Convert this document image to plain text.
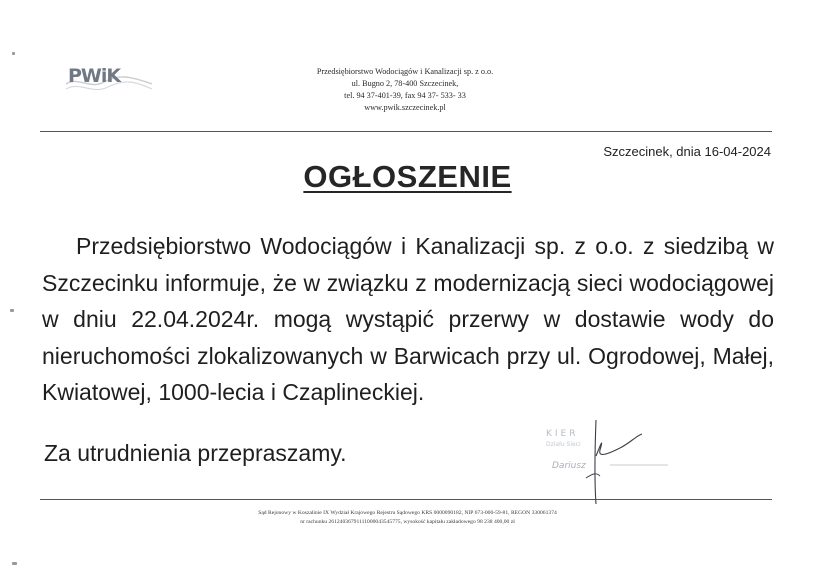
PWiK	Przedsiębiorstwo Wodociągów i Kanalizacji sp. z o.o.
ul. Bugno 2, 78-400 Szczecinek,
tel. 94 37-401-39, fax 94 37- 533- 33
www.pwik.szczecinek.pl
Szczecinek, dnia 16-04-2024
OGŁOSZENIE

Przedsiębiorstwo Wodociągów i Kanalizacji sp. z o.o. z siedzibą w Szczecinku informuje, że w związku z modernizacją sieci wodociągowej w dniu 22.04.2024r. mogą wystąpić przerwy w dostawie wody do nieruchomości zlokalizowanych w Barwicach przy ul. Ogrodowej, Małej, Kwiatowej, 1000-lecia i Czaplineckiej.

Za utrudnienia przepraszamy.
KIER
Działu Sieci
Dariusz
Sąd Rejonowy w Koszalinie IX Wydział Krajowego Rejestru Sądowego KRS 0000090182, NIP 673-000-59-81, REGON 330061374
nr rachunku 26124036791111000043545775, wysokość kapitału zakładowego 98 238 400,00 zł
